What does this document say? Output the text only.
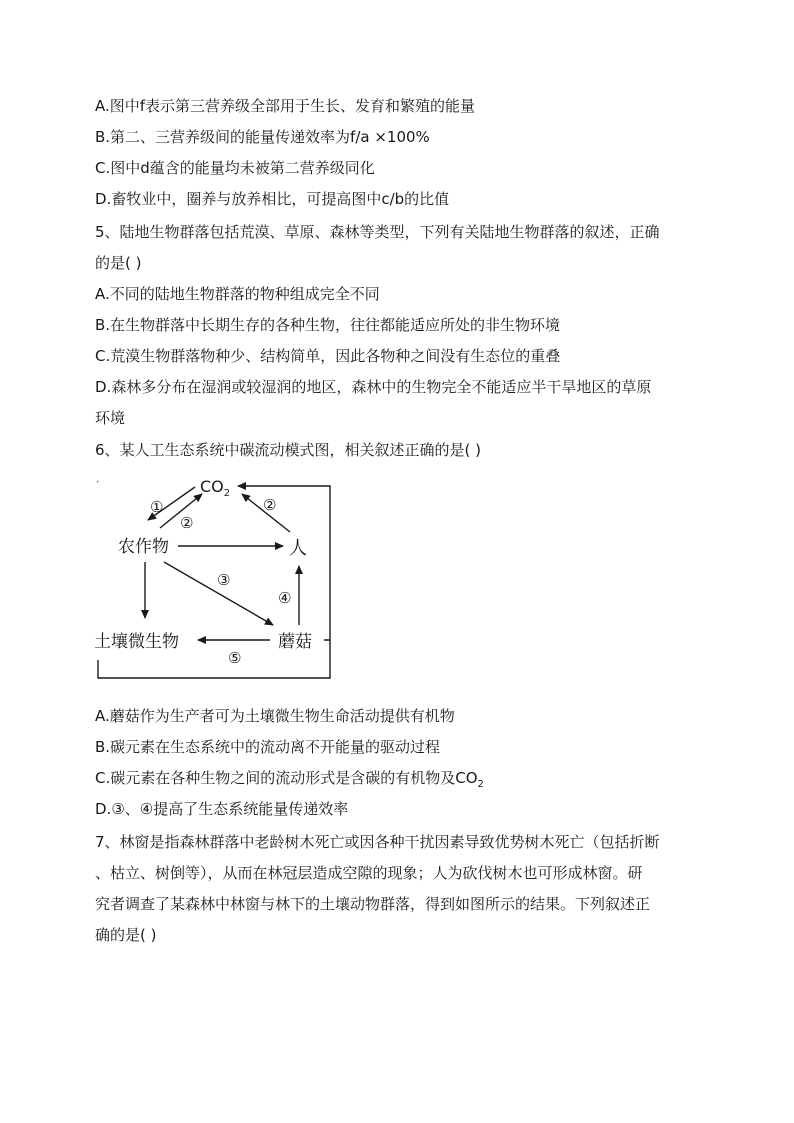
A.图中f表示第三营养级全部用于生长、发育和繁殖的能量
B.第二、三营养级间的能量传递效率为f/a ×100%
C.图中d蕴含的能量均未被第二营养级同化
D.畜牧业中，圈养与放养相比，可提高图中c/b的比值
5、陆地生物群落包括荒漠、草原、森林等类型，下列有关陆地生物群落的叙述，正确
的是( )
A.不同的陆地生物群落的物种组成完全不同
B.在生物群落中长期生存的各种生物，往往都能适应所处的非生物环境
C.荒漠生物群落物种少、结构简单，因此各物种之间没有生态位的重叠
D.森林多分布在湿润或较湿润的地区，森林中的生物完全不能适应半干旱地区的草原
环境
6、某人工生态系统中碳流动模式图，相关叙述正确的是( )
ˊ	$CO_2$
农作物	人
土壤微生物	蘑菇
①
②
②
③
④
⑤
A.蘑菇作为生产者可为土壤微生物生命活动提供有机物
B.碳元素在生态系统中的流动离不开能量的驱动过程
C.碳元素在各种生物之间的流动形式是含碳的有机物及$CO_2$
D.③、④提高了生态系统能量传递效率
7、林窗是指森林群落中老龄树木死亡或因各种干扰因素导致优势树木死亡（包括折断
、枯立、树倒等），从而在林冠层造成空隙的现象；人为砍伐树木也可形成林窗。研
究者调查了某森林中林窗与林下的土壤动物群落，得到如图所示的结果。下列叙述正
确的是( )
